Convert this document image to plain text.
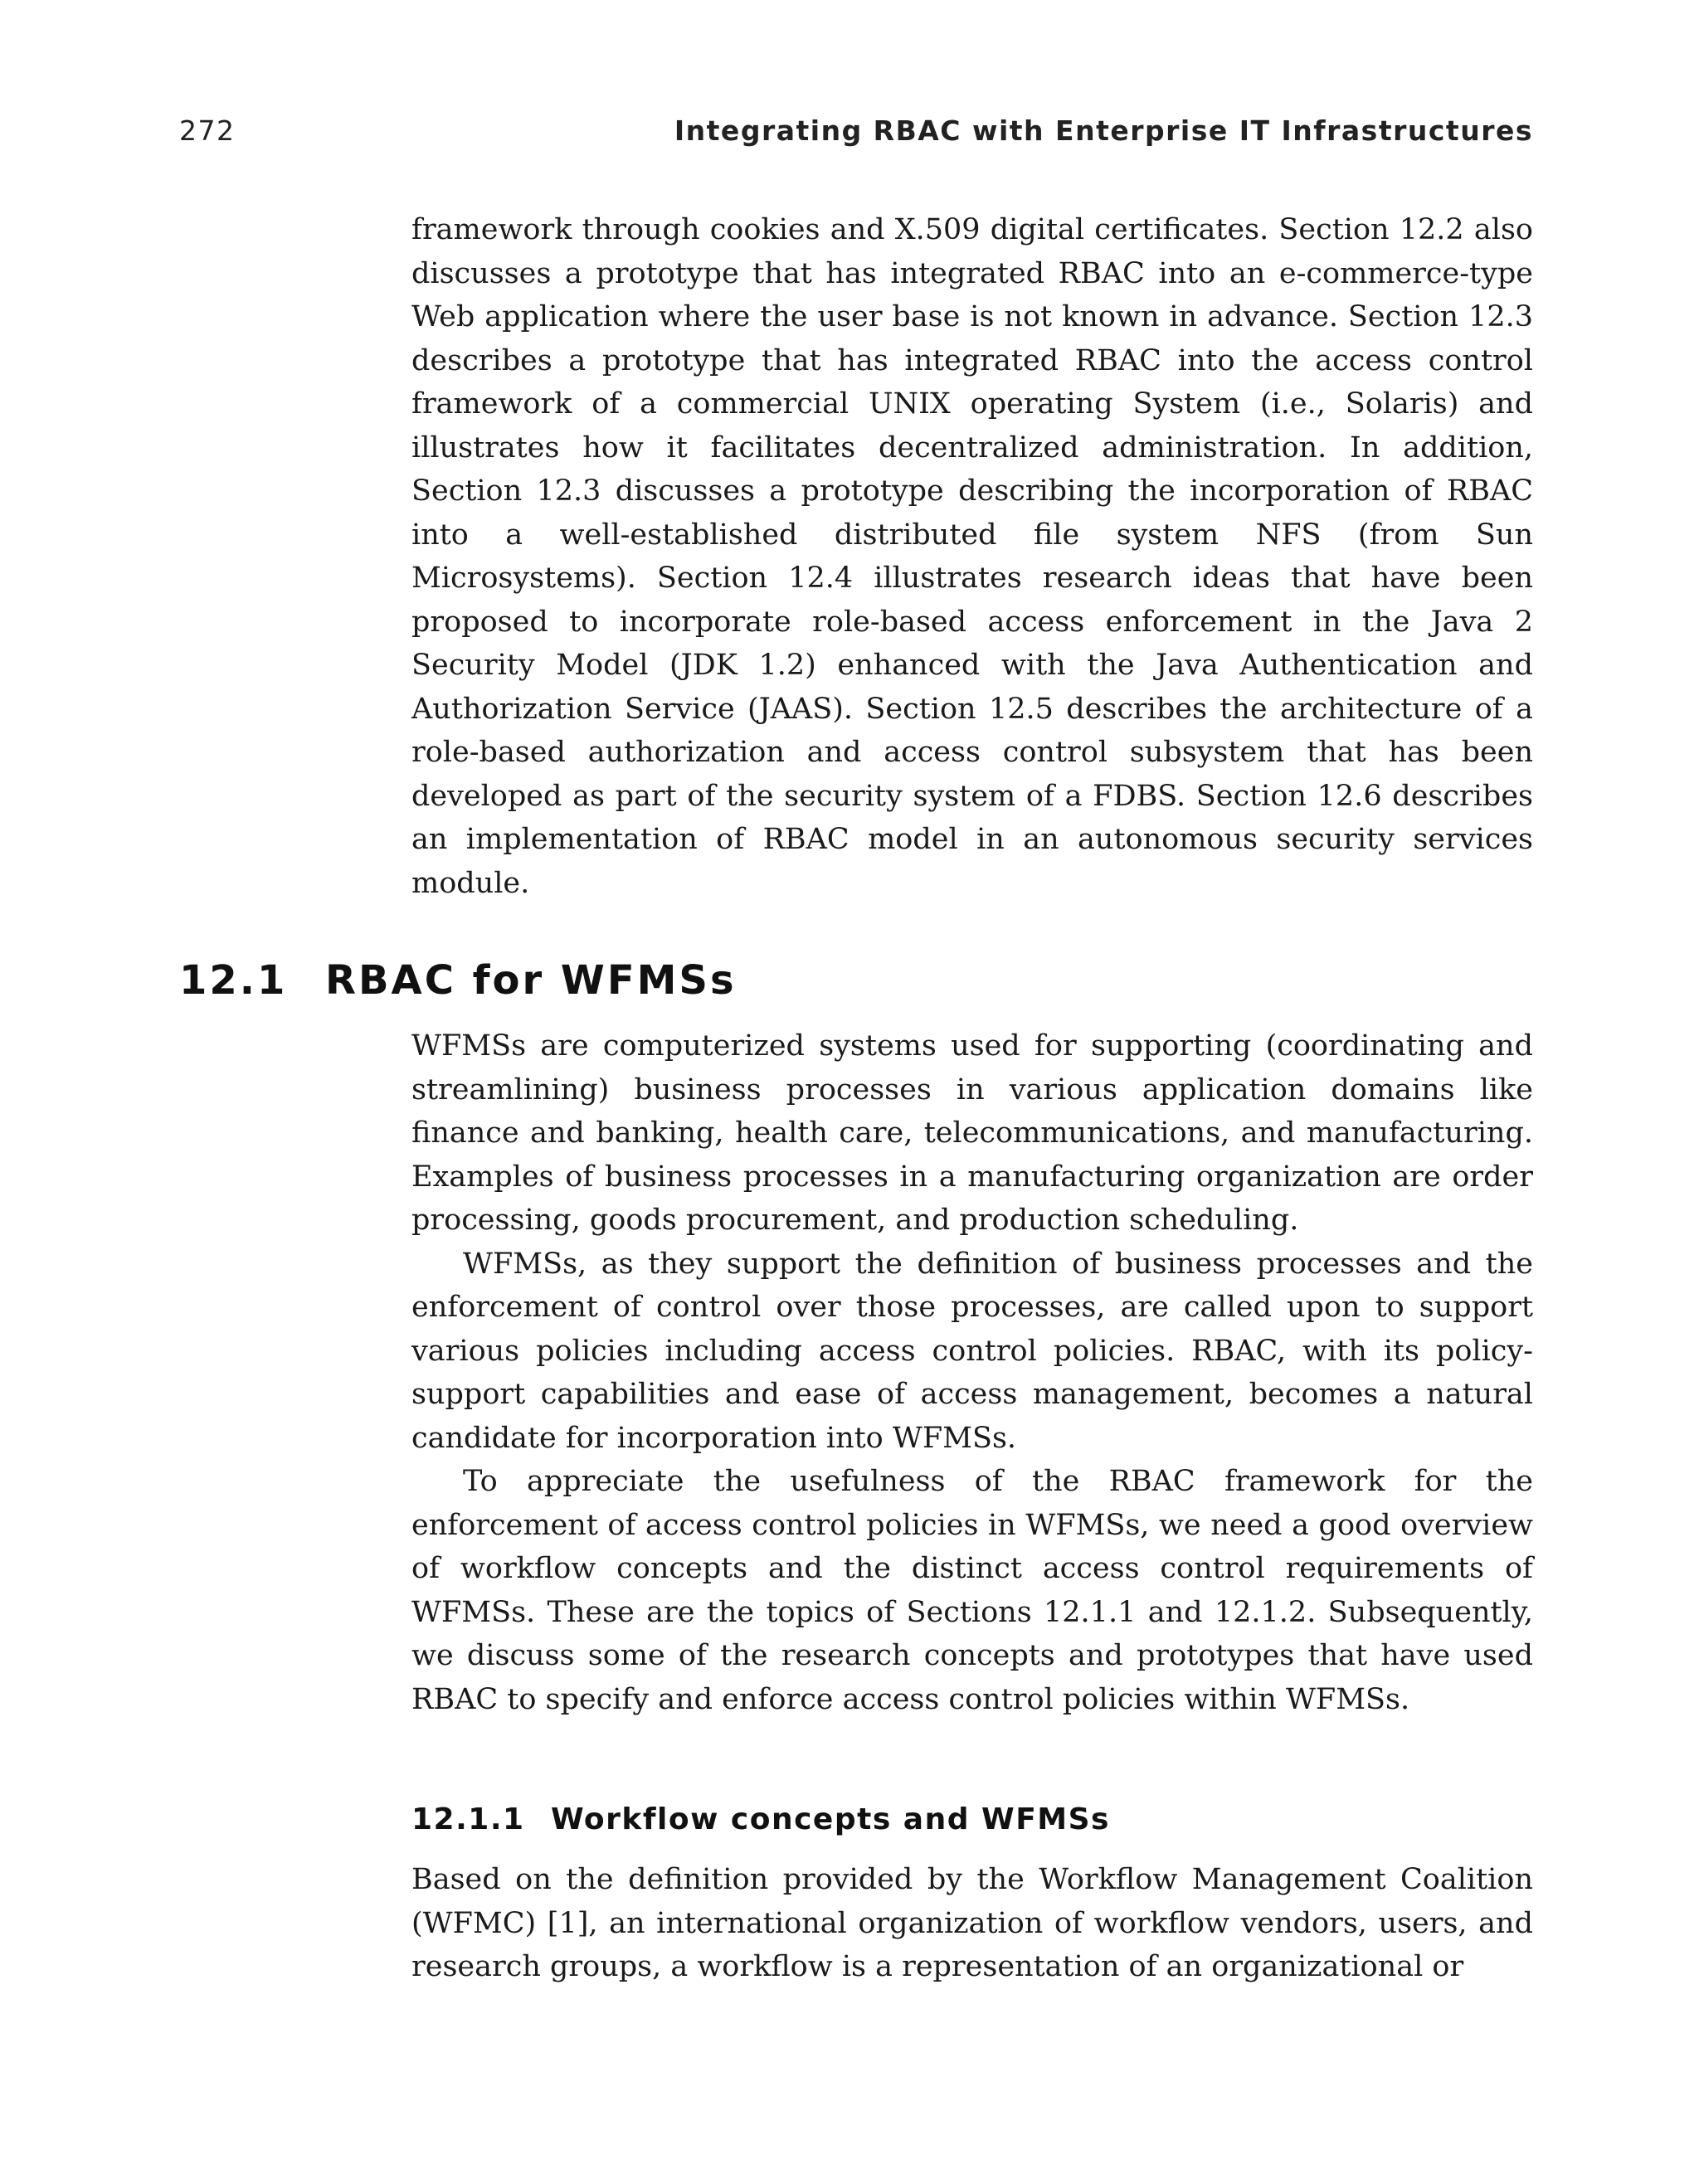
272	Integrating RBAC with Enterprise IT Infrastructures

framework through cookies and X.509 digital certificates. Section 12.2 also discusses a prototype that has integrated RBAC into an e-commerce-type Web application where the user base is not known in advance. Section 12.3 describes a prototype that has integrated RBAC into the access control framework of a commercial UNIX operating System (i.e., Solaris) and illustrates how it facilitates decentralized administration. In addition, Section 12.3 discusses a prototype describing the incorporation of RBAC into a well-established distributed file system NFS (from Sun Microsystems). Section 12.4 illustrates research ideas that have been proposed to incorporate role-based access enforcement in the Java 2 Security Model (JDK 1.2) enhanced with the Java Authentication and Authorization Service (JAAS). Section 12.5 describes the architecture of a role-based authorization and access control subsystem that has been developed as part of the security system of a FDBS. Section 12.6 describes an implementation of RBAC model in an autonomous security services module.

12.1 RBAC for WFMSs

WFMSs are computerized systems used for supporting (coordinating and streamlining) business processes in various application domains like finance and banking, health care, telecommunications, and manufacturing. Examples of business processes in a manufacturing organization are order processing, goods procurement, and production scheduling.

WFMSs, as they support the definition of business processes and the enforcement of control over those processes, are called upon to support various policies including access control policies. RBAC, with its policy-support capabilities and ease of access management, becomes a natural candidate for incorporation into WFMSs.

To appreciate the usefulness of the RBAC framework for the enforcement of access control policies in WFMSs, we need a good overview of workflow concepts and the distinct access control requirements of WFMSs. These are the topics of Sections 12.1.1 and 12.1.2. Subsequently, we discuss some of the research concepts and prototypes that have used RBAC to specify and enforce access control policies within WFMSs.

12.1.1 Workflow concepts and WFMSs

Based on the definition provided by the Workflow Management Coalition (WFMC) [1], an international organization of workflow vendors, users, and research groups, a workflow is a representation of an organizational or
